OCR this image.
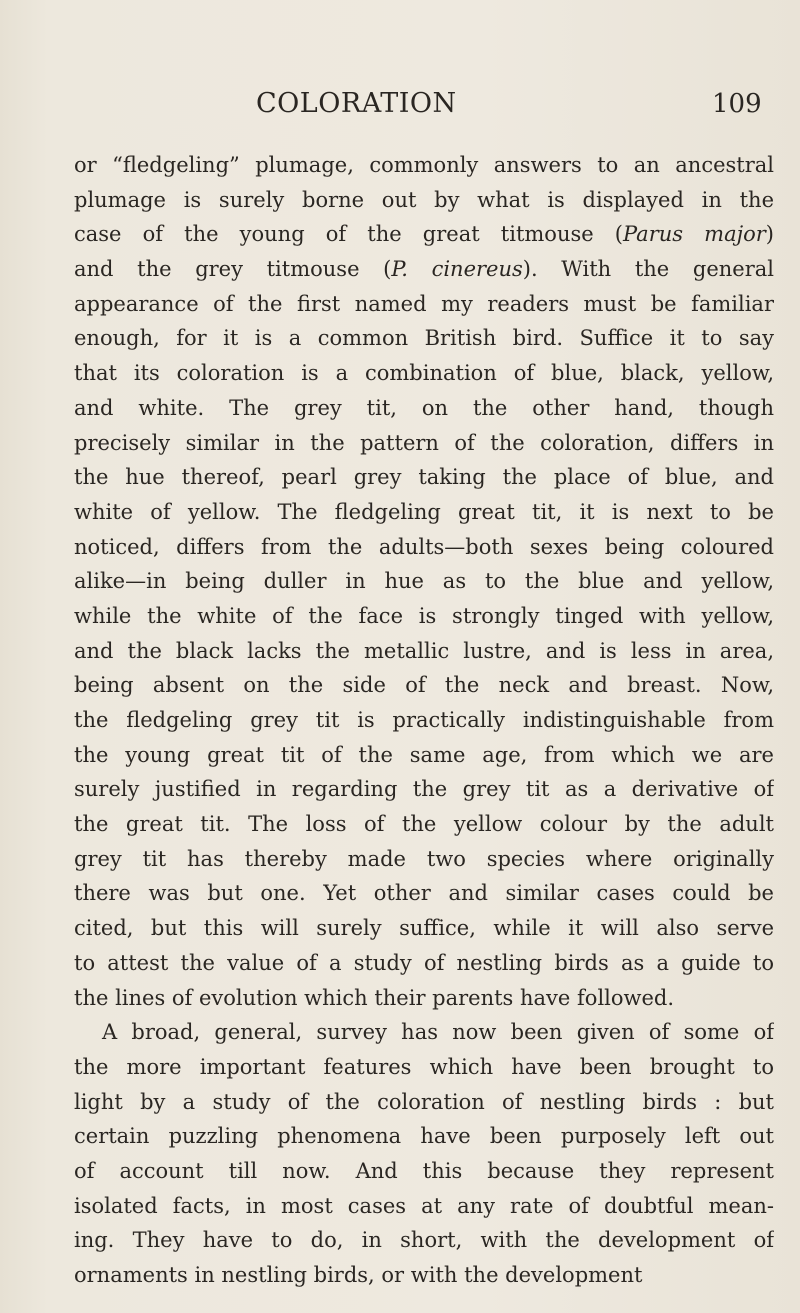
COLORATION	109
or “fledgeling” plumage, commonly answers to an ancestral
plumage is surely borne out by what is displayed in the
case of the young of the great titmouse (Parus major)
and the grey titmouse (P. cinereus). With the general
appearance of the first named my readers must be familiar
enough, for it is a common British bird. Suffice it to say
that its coloration is a combination of blue, black, yellow,
and white. The grey tit, on the other hand, though
precisely similar in the pattern of the coloration, differs in
the hue thereof, pearl grey taking the place of blue, and
white of yellow. The fledgeling great tit, it is next to be
noticed, differs from the adults—both sexes being coloured
alike—in being duller in hue as to the blue and yellow,
while the white of the face is strongly tinged with yellow,
and the black lacks the metallic lustre, and is less in area,
being absent on the side of the neck and breast. Now,
the fledgeling grey tit is practically indistinguishable from
the young great tit of the same age, from which we are
surely justified in regarding the grey tit as a derivative of
the great tit. The loss of the yellow colour by the adult
grey tit has thereby made two species where originally
there was but one. Yet other and similar cases could be
cited, but this will surely suffice, while it will also serve
to attest the value of a study of nestling birds as a guide to
the lines of evolution which their parents have followed.
A broad, general, survey has now been given of some of
the more important features which have been brought to
light by a study of the coloration of nestling birds : but
certain puzzling phenomena have been purposely left out
of account till now. And this because they represent
isolated facts, in most cases at any rate of doubtful mean-
ing. They have to do, in short, with the development of
ornaments in nestling birds, or with the development
